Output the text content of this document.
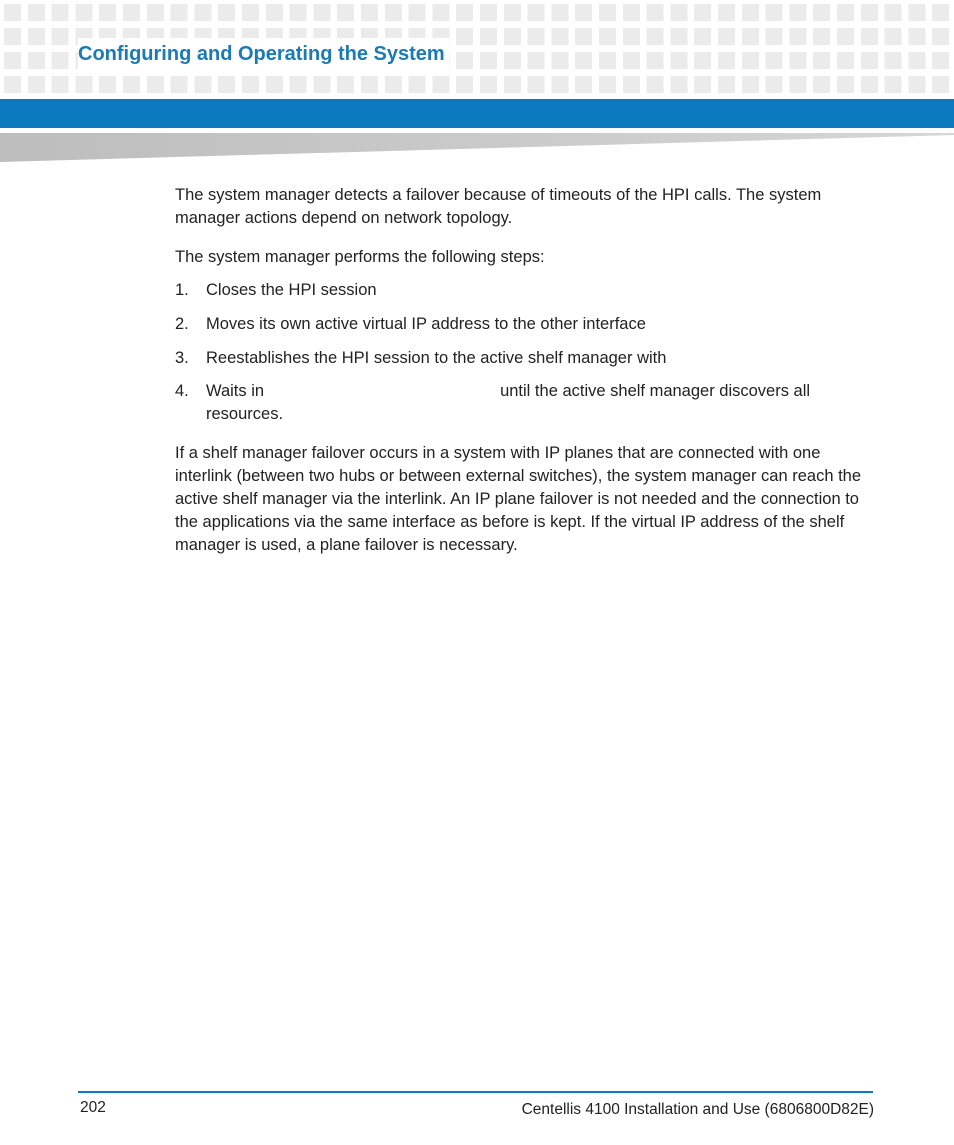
Configuring and Operating the System

The system manager detects a failover because of timeouts of the HPI calls. The system manager actions depend on network topology.

The system manager performs the following steps:

1.	Closes the HPI session
2.	Moves its own active virtual IP address to the other interface
3.	Reestablishes the HPI session to the active shelf manager with
4.	Waits in	until the active shelf manager discovers all resources.

If a shelf manager failover occurs in a system with IP planes that are connected with one interlink (between two hubs or between external switches), the system manager can reach the active shelf manager via the interlink. An IP plane failover is not needed and the connection to the applications via the same interface as before is kept. If the virtual IP address of the shelf manager is used, a plane failover is necessary.

202	Centellis 4100 Installation and Use (6806800D82E)
